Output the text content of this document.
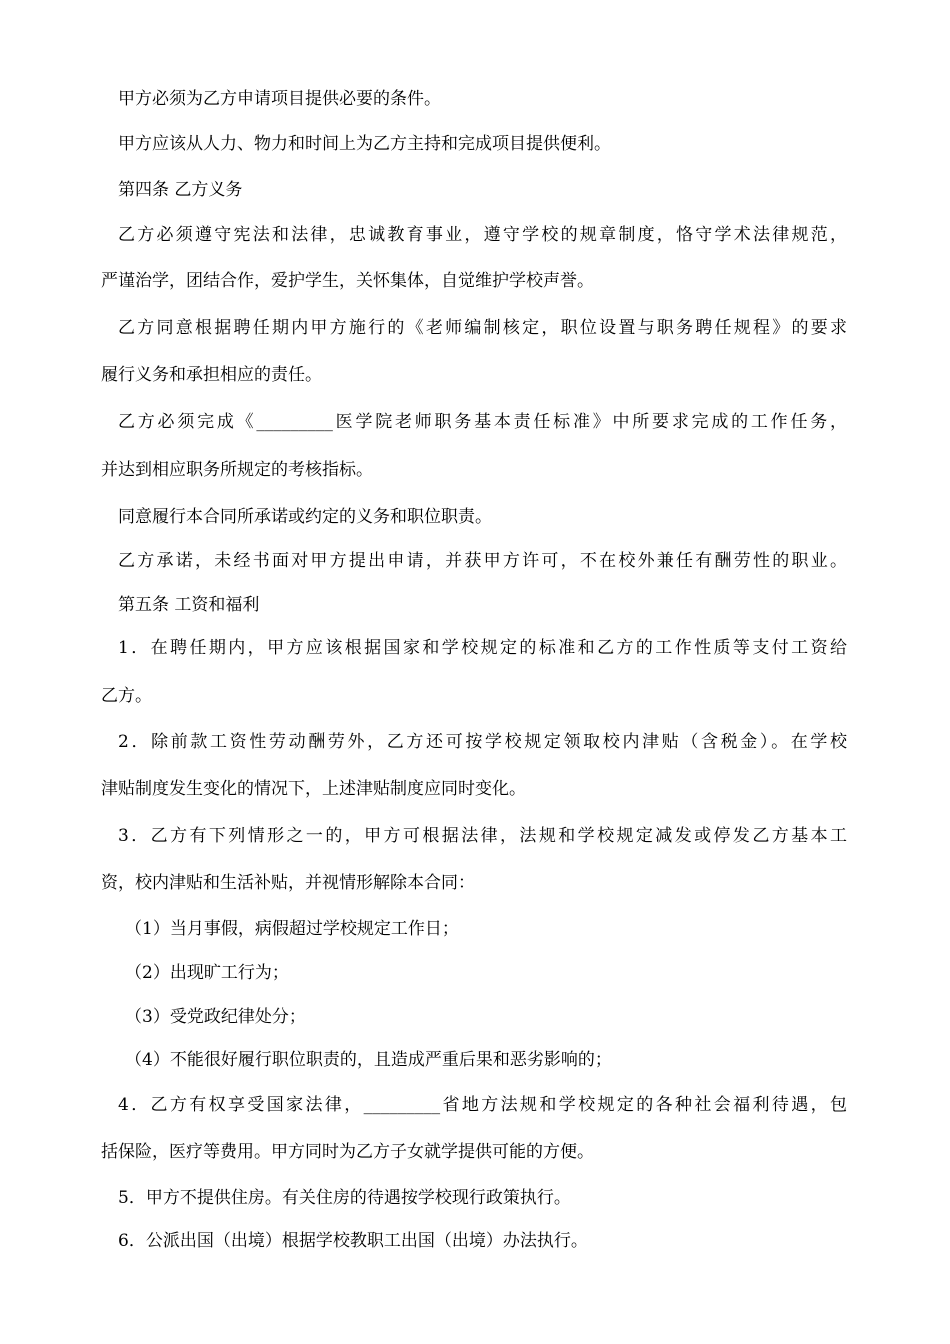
甲方必须为乙方申请项目提供必要的条件。
甲方应该从人力、物力和时间上为乙方主持和完成项目提供便利。
第四条 乙方义务
乙方必须遵守宪法和法律，忠诚教育事业，遵守学校的规章制度，恪守学术法律规范，
严谨治学，团结合作，爱护学生，关怀集体，自觉维护学校声誉。
乙方同意根据聘任期内甲方施行的《老师编制核定，职位设置与职务聘任规程》的要求
履行义务和承担相应的责任。
乙方必须完成《_________医学院老师职务基本责任标准》中所要求完成的工作任务，
并达到相应职务所规定的考核指标。
同意履行本合同所承诺或约定的义务和职位职责。
乙方承诺，未经书面对甲方提出申请，并获甲方许可，不在校外兼任有酬劳性的职业。
第五条 工资和福利
1．在聘任期内，甲方应该根据国家和学校规定的标准和乙方的工作性质等支付工资给
乙方。
2．除前款工资性劳动酬劳外，乙方还可按学校规定领取校内津贴（含税金）。在学校
津贴制度发生变化的情况下，上述津贴制度应同时变化。
3．乙方有下列情形之一的，甲方可根据法律，法规和学校规定减发或停发乙方基本工
资，校内津贴和生活补贴，并视情形解除本合同：
（1）当月事假，病假超过学校规定工作日；
（2）出现旷工行为；
（3）受党政纪律处分；
（4）不能很好履行职位职责的，且造成严重后果和恶劣影响的；
4．乙方有权享受国家法律，_________省地方法规和学校规定的各种社会福利待遇，包
括保险，医疗等费用。甲方同时为乙方子女就学提供可能的方便。
5．甲方不提供住房。有关住房的待遇按学校现行政策执行。
6．公派出国（出境）根据学校教职工出国（出境）办法执行。
